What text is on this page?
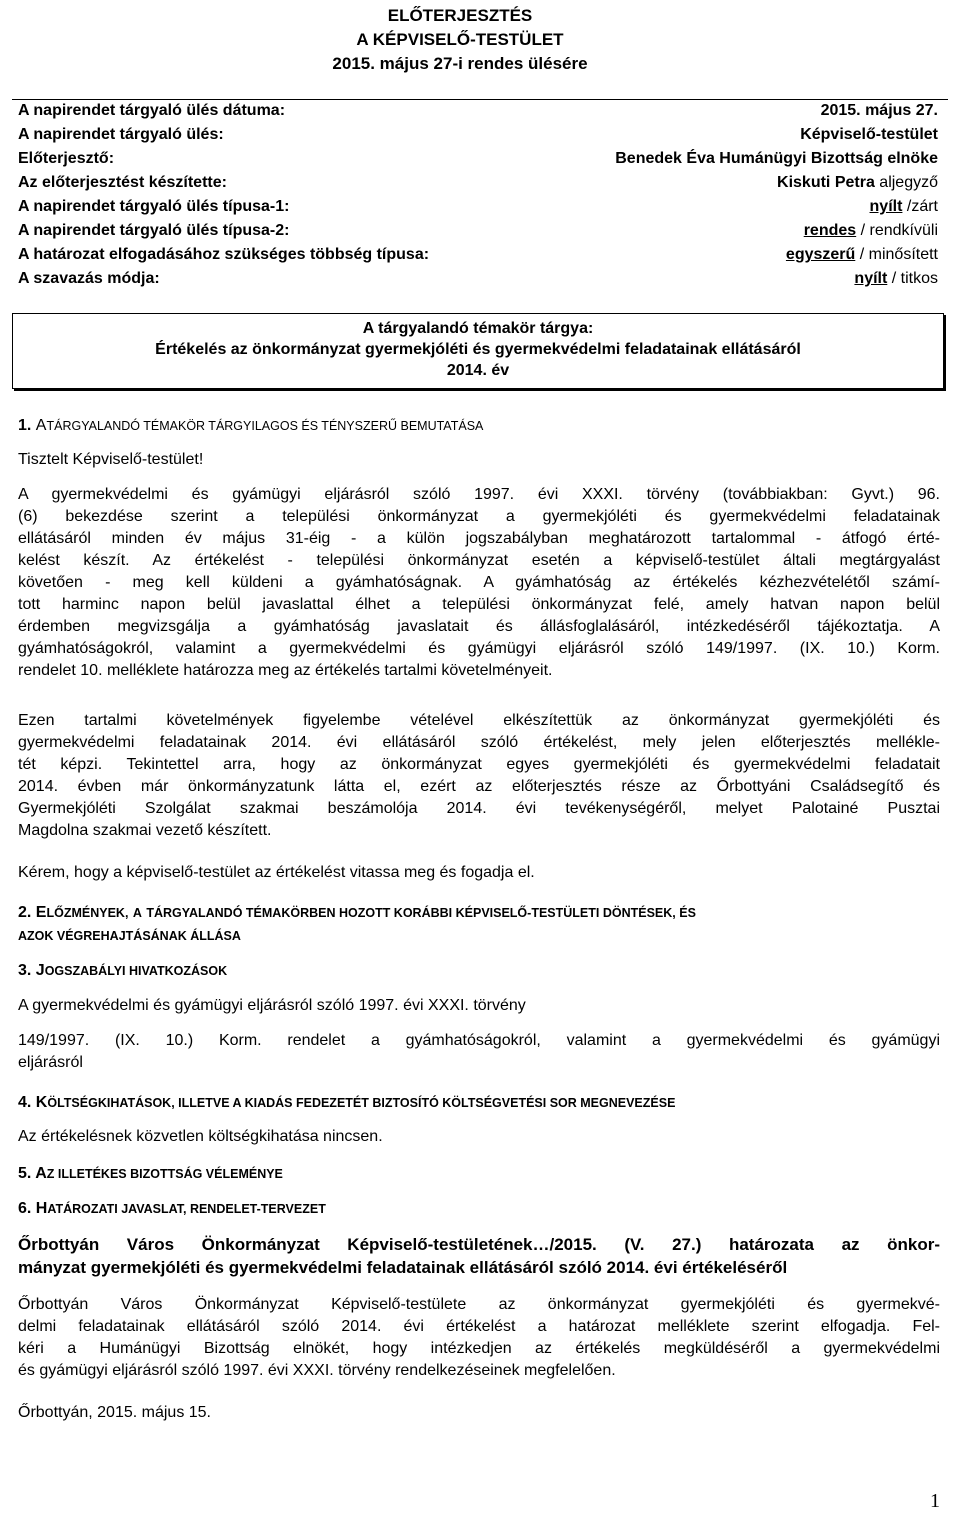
ELŐTERJESZTÉS
A KÉPVISELŐ-TESTÜLET
2015. május 27-i rendes ülésére
A napirendet tárgyaló ülés dátuma:	2015. május 27.
A napirendet tárgyaló ülés:	Képviselő-testület
Előterjesztő:	Benedek Éva Humánügyi Bizottság elnöke
Az előterjesztést készítette:	Kiskuti Petra aljegyző
A napirendet tárgyaló ülés típusa-1:	nyílt /zárt
A napirendet tárgyaló ülés típusa-2:	rendes / rendkívüli
A határozat elfogadásához szükséges többség típusa:	egyszerű / minősített
A szavazás módja:	nyílt / titkos
A tárgyalandó témakör tárgya:
Értékelés az önkormányzat gyermekjóléti és gyermekvédelmi feladatainak ellátásáról
2014. év
1. ATÁRGYALANDÓ TÉMAKÖR TÁRGYILAGOS ÉS TÉNYSZERŰ BEMUTATÁSA
Tisztelt Képviselő-testület!
A gyermekvédelmi és gyámügyi eljárásról szóló 1997. évi XXXI. törvény (továbbiakban: Gyvt.) 96.
(6) bekezdése szerint a települési önkormányzat a gyermekjóléti és gyermekvédelmi feladatainak
ellátásáról minden év május 31-éig - a külön jogszabályban meghatározott tartalommal - átfogó érté-
kelést készít. Az értékelést - települési önkormányzat esetén a képviselő-testület általi megtárgyalást
követően - meg kell küldeni a gyámhatóságnak. A gyámhatóság az értékelés kézhezvételétől számí-
tott harminc napon belül javaslattal élhet a települési önkormányzat felé, amely hatvan napon belül
érdemben megvizsgálja a gyámhatóság javaslatait és állásfoglalásáról, intézkedéséről tájékoztatja. A
gyámhatóságokról, valamint a gyermekvédelmi és gyámügyi eljárásról szóló 149/1997. (IX. 10.) Korm.
rendelet 10. melléklete határozza meg az értékelés tartalmi követelményeit.
Ezen tartalmi követelmények figyelembe vételével elkészítettük az önkormányzat gyermekjóléti és
gyermekvédelmi feladatainak 2014. évi ellátásáról szóló értékelést, mely jelen előterjesztés mellékle-
tét képzi. Tekintettel arra, hogy az önkormányzat egyes gyermekjóléti és gyermekvédelmi feladatait
2014. évben már önkormányzatunk látta el, ezért az előterjesztés része az Őrbottyáni Családsegítő és
Gyermekjóléti Szolgálat szakmai beszámolója 2014. évi tevékenységéről, melyet Palotainé Pusztai
Magdolna szakmai vezető készített.
Kérem, hogy a képviselő-testület az értékelést vitassa meg és fogadja el.
2. ELŐZMÉNYEK, A TÁRGYALANDÓ TÉMAKÖRBEN HOZOTT KORÁBBI KÉPVISELŐ-TESTÜLETI DÖNTÉSEK, ÉS
AZOK VÉGREHAJTÁSÁNAK ÁLLÁSA
3. JOGSZABÁLYI HIVATKOZÁSOK
A gyermekvédelmi és gyámügyi eljárásról szóló 1997. évi XXXI. törvény
149/1997. (IX. 10.) Korm. rendelet a gyámhatóságokról, valamint a gyermekvédelmi és gyámügyi
eljárásról
4. KÖLTSÉGKIHATÁSOK, ILLETVE A KIADÁS FEDEZETÉT BIZTOSÍTÓ KÖLTSÉGVETÉSI SOR MEGNEVEZÉSE
Az értékelésnek közvetlen költségkihatása nincsen.
5. AZ ILLETÉKES BIZOTTSÁG VÉLEMÉNYE
6. HATÁROZATI JAVASLAT, RENDELET-TERVEZET
Őrbottyán Város Önkormányzat Képviselő-testületének…/2015. (V. 27.) határozata az önkor-
mányzat gyermekjóléti és gyermekvédelmi feladatainak ellátásáról szóló 2014. évi értékeléséről
Őrbottyán Város Önkormányzat Képviselő-testülete az önkormányzat gyermekjóléti és gyermekvé-
delmi feladatainak ellátásáról szóló 2014. évi értékelést a határozat melléklete szerint elfogadja. Fel-
kéri a Humánügyi Bizottság elnökét, hogy intézkedjen az értékelés megküldéséről a gyermekvédelmi
és gyámügyi eljárásról szóló 1997. évi XXXI. törvény rendelkezéseinek megfelelően.
Őrbottyán, 2015. május 15.
1
